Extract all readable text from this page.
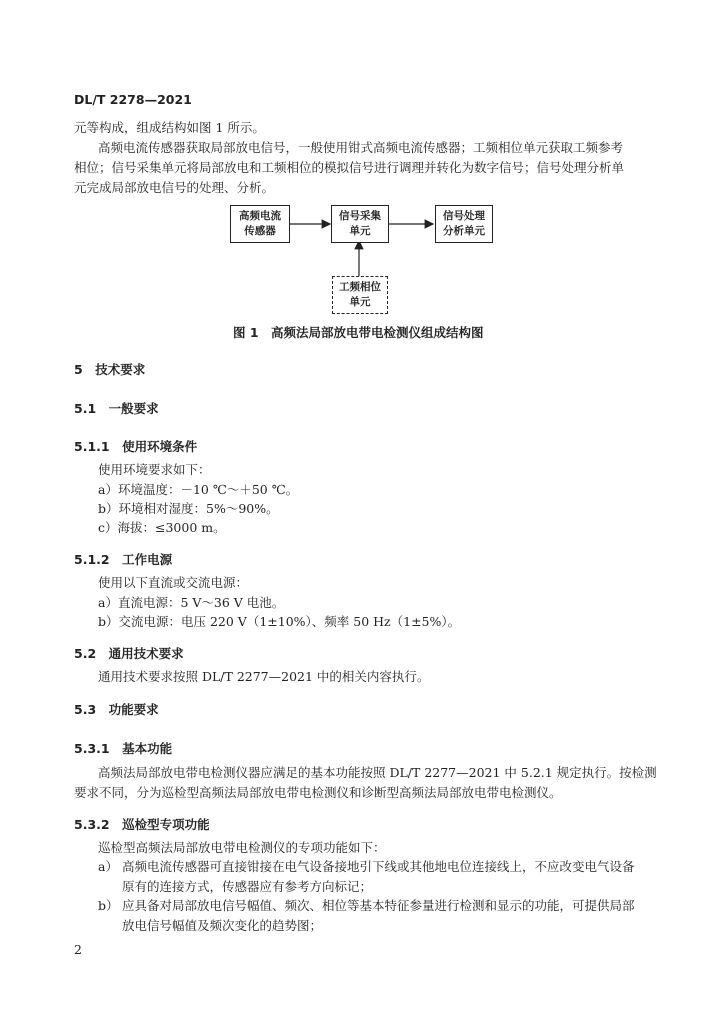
DL/T 2278—2021
元等构成，组成结构如图 1 所示。
高频电流传感器获取局部放电信号，一般使用钳式高频电流传感器；工频相位单元获取工频参考
相位；信号采集单元将局部放电和工频相位的模拟信号进行调理并转化为数字信号；信号处理分析单
元完成局部放电信号的处理、分析。
高频电流
传感器
信号采集
单元
信号处理
分析单元
工频相位
单元
图 1　高频法局部放电带电检测仪组成结构图
5　技术要求
5.1　一般要求
5.1.1　使用环境条件
使用环境要求如下：
a）环境温度：－10 ℃～＋50 ℃。
b）环境相对湿度：5%～90%。
c）海拔：≤3000 m。
5.1.2　工作电源
使用以下直流或交流电源：
a）直流电源：5 V～36 V 电池。
b）交流电源：电压 220 V（1±10%）、频率 50 Hz（1±5%）。
5.2　通用技术要求
通用技术要求按照 DL/T 2277—2021 中的相关内容执行。
5.3　功能要求
5.3.1　基本功能
高频法局部放电带电检测仪器应满足的基本功能按照 DL/T 2277—2021 中 5.2.1 规定执行。按检测
要求不同，分为巡检型高频法局部放电带电检测仪和诊断型高频法局部放电带电检测仪。
5.3.2　巡检型专项功能
巡检型高频法局部放电带电检测仪的专项功能如下：
a） 高频电流传感器可直接钳接在电气设备接地引下线或其他地电位连接线上，不应改变电气设备
原有的连接方式，传感器应有参考方向标记；
b） 应具备对局部放电信号幅值、频次、相位等基本特征参量进行检测和显示的功能，可提供局部
放电信号幅值及频次变化的趋势图；
2
